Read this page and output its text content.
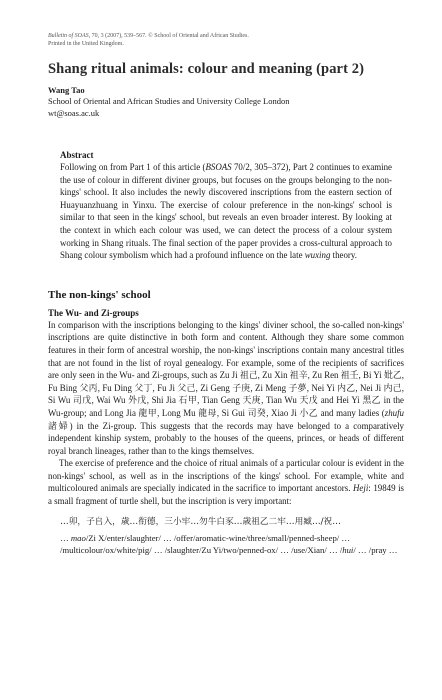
Bulletin of SOAS, 70, 3 (2007), 539–567. © School of Oriental and African Studies.
Printed in the United Kingdom.
Shang ritual animals: colour and meaning (part 2)
Wang Tao
School of Oriental and African Studies and University College London
wt@soas.ac.uk
Abstract

Following on from Part 1 of this article (BSOAS 70/2, 305–372), Part 2 continues to examine the use of colour in different diviner groups, but focuses on the groups belonging to the non-kings' school. It also includes the newly discovered inscriptions from the eastern section of Huayuanzhuang in Yinxu. The exercise of colour preference in the non-kings' school is similar to that seen in the kings' school, but reveals an even broader interest. By looking at the context in which each colour was used, we can detect the process of a colour system working in Shang rituals. The final section of the paper provides a cross-cultural approach to Shang colour symbolism which had a profound influence on the late wuxing theory.

The non-kings' school
The Wu- and Zi-groups

In comparison with the inscriptions belonging to the kings' diviner school, the so-called non-kings' inscriptions are quite distinctive in both form and content. Although they share some common features in their form of ancestral worship, the non-kings' inscriptions contain many ancestral titles that are not found in the list of royal genealogy. For example, some of the recipients of sacrifices are only seen in the Wu- and Zi-groups, such as Zu Ji 祖己, Zu Xin 祖辛, Zu Ren 祖壬, Bi Yi 妣乙, Fu Bing 父丙, Fu Ding 父丁, Fu Ji 父己, Zi Geng 子庚, Zi Meng 子夢, Nei Yi 内乙, Nei Ji 内己, Si Wu 司戊, Wai Wu 外戊, Shi Jia 石甲, Tian Geng 天庚, Tian Wu 天戊 and Hei Yi 黑乙 in the Wu-group; and Long Jia 龍甲, Long Mu 龍母, Si Gui 司癸, Xiao Ji 小乙 and many ladies (zhufu 諸婦) in the Zi-group. This suggests that the records may have belonged to a comparatively independent kinship system, probably to the houses of the queens, princes, or heads of different royal branch lineages, rather than to the kings themselves.

The exercise of preference and the choice of ritual animals of a particular colour is evident in the non-kings' school, as well as in the inscriptions of the kings' school. For example, white and multicoloured animals are specially indicated in the sacrifice to important ancestors. Heji: 19849 is a small fragment of turtle shell, but the inscription is very important:

…卯，子𠂤入，歳…衔德，三小牢…勿牛白豕…歳祖乙二牢…用臧…/祝…

… mao/Zi X/enter/slaughter/ … /offer/aromatic-wine/three/small/penned-sheep/ … /multicolour/ox/white/pig/ … /slaughter/Zu Yi/two/penned-ox/ … /use/Xian/ … /hui/ … /pray …
